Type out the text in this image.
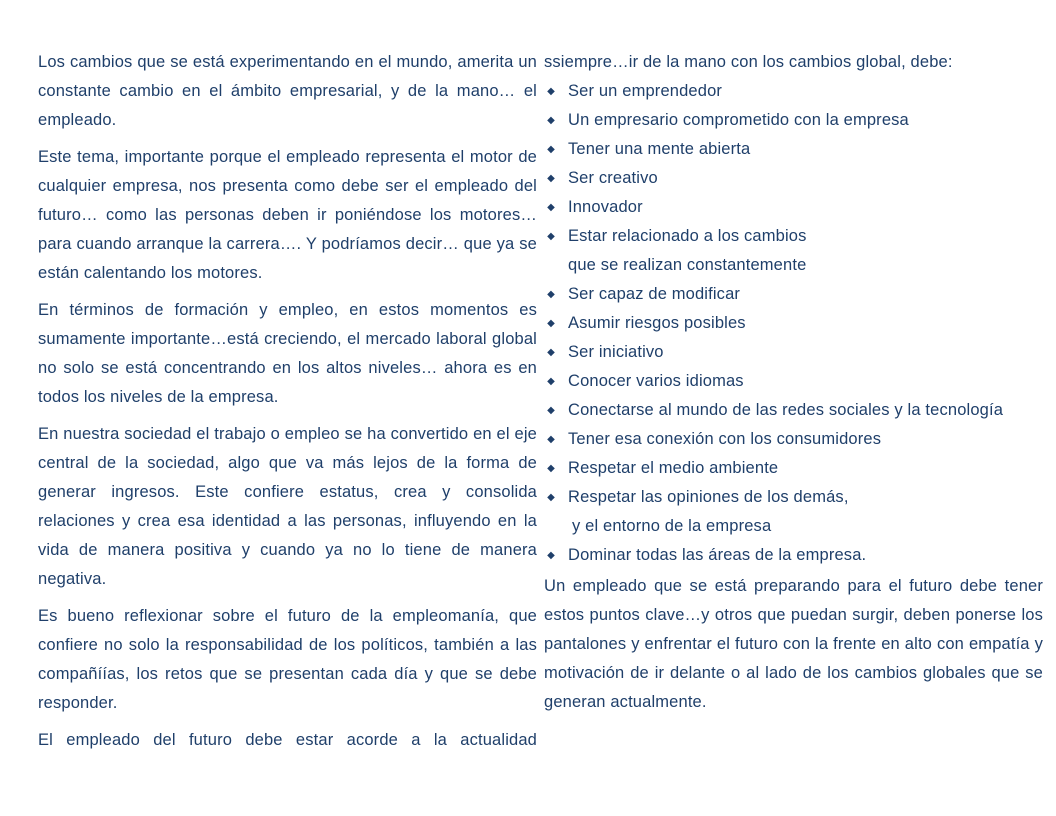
Los cambios que se está experimentando en el mundo, amerita un constante cambio en el ámbito empresarial, y de la mano… el empleado.

Este tema, importante porque el empleado representa el motor de cualquier empresa, nos presenta como debe ser el empleado del futuro… como las personas deben ir poniéndose los motores…para cuando arranque la carrera…. Y podríamos decir… que ya se están calentando los motores.

En términos de formación y empleo, en estos momentos es sumamente importante…está creciendo, el mercado laboral global no solo se está concentrando en los altos niveles… ahora es en todos los niveles de la empresa.

En nuestra sociedad el trabajo o empleo se ha convertido en el eje central de la sociedad, algo que va más lejos de la forma de generar ingresos. Este confiere estatus, crea y consolida relaciones y crea esa identidad a las personas, influyendo en la vida de manera positiva y cuando ya no lo tiene de manera negativa.

Es bueno reflexionar sobre el futuro de la empleomanía, que confiere no solo la responsabilidad de los políticos, también a las compañíías, los retos que se presentan cada día y que se debe responder.

El empleado del futuro debe estar acorde a la actualidad

ssiempre…ir de la mano con los cambios global, debe:

◆ Ser un emprendedor
◆ Un empresario comprometido con la empresa
◆ Tener una mente abierta
◆ Ser creativo
◆ Innovador
◆ Estar relacionado a los cambios
que se realizan constantemente
◆ Ser capaz de modificar
◆ Asumir riesgos posibles
◆ Ser iniciativo
◆ Conocer varios idiomas
◆ Conectarse al mundo de las redes sociales y la tecnología
◆ Tener esa conexión con los consumidores
◆ Respetar el medio ambiente
◆ Respetar las opiniones de los demás,
y el entorno de la empresa
◆ Dominar todas las áreas de la empresa.

Un empleado que se está preparando para el futuro debe tener estos puntos clave…y otros que puedan surgir, deben ponerse los pantalones y enfrentar el futuro con la frente en alto con empatía y motivación de ir delante o al lado de los cambios globales que se generan actualmente.
